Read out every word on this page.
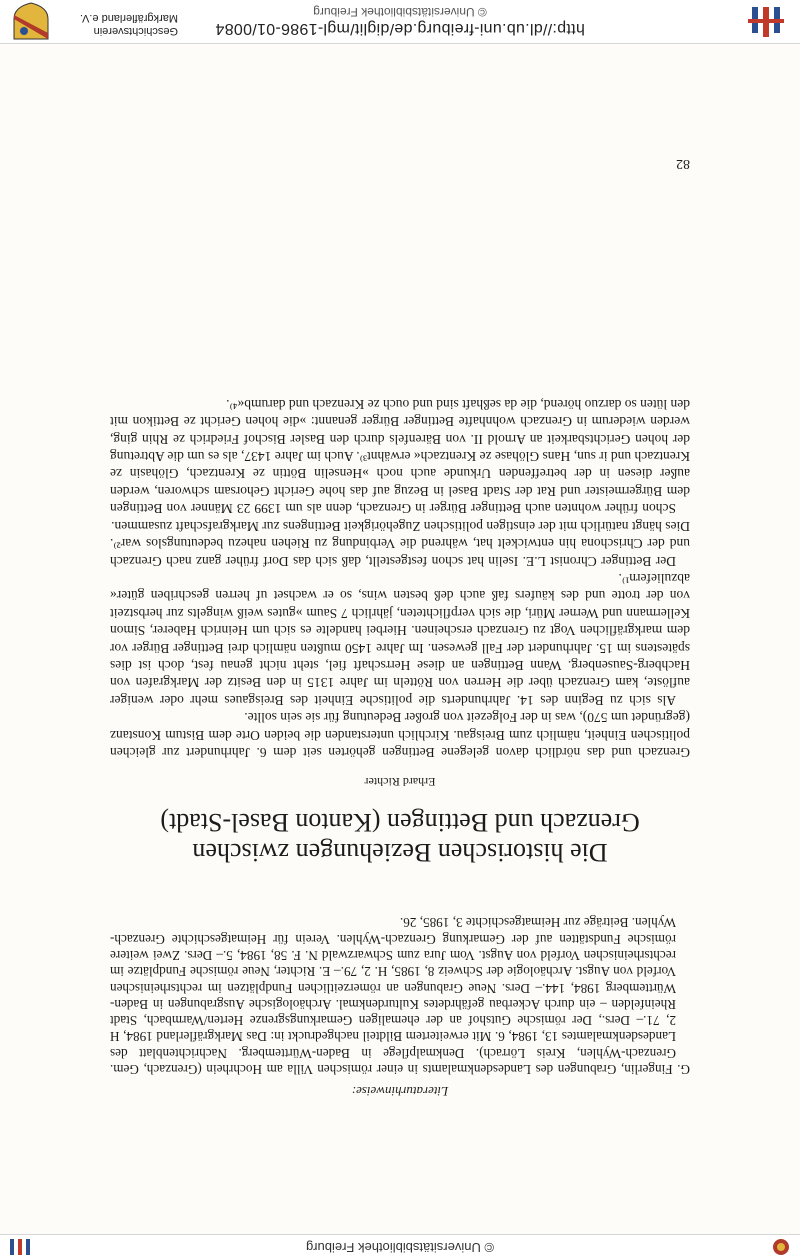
© Universitätsbibliothek Freiburg
Literaturhinweise:
G. Fingerlin, Grabungen des Landesdenkmalamts in einer römischen Villa am Hochrhein (Grenzach, Gem. Grenzach-Wyhlen, Kreis Lörrach). Denkmalpflege in Baden-Württemberg. Nachrichtenblatt des Landesdenkmalamtes 13, 1984, 6. Mit erweitertem Bildteil nachgedruckt in: Das Markgräflerland 1984, H 2, 71.– Ders., Der römische Gutshof an der ehemaligen Gemarkungsgrenze Herten/Warmbach, Stadt Rheinfelden – ein durch Ackerbau gefährdetes Kulturdenkmal. Archäologische Ausgrabungen in Baden-Württemberg 1984, 144.– Ders. Neue Grabungen an römerzeitlichen Fundplätzen im rechtsrheinischen Vorfeld von Augst. Archäologie der Schweiz 8, 1985, H. 2, 79.– E. Richter, Neue römische Fundplätze im rechtsrheinischen Vorfeld von Augst. Vom Jura zum Schwarzwald N. F. 58, 1984, 5.– Ders. Zwei weitere römische Fundstätten auf der Gemarkung Grenzach-Wyhlen. Verein für Heimatgeschichte Grenzach-Wyhlen. Beiträge zur Heimatgeschichte 3, 1985, 26.
Die historischen Beziehungen zwischen
Grenzach und Bettingen (Kanton Basel-Stadt)
Erhard Richter

Grenzach und das nördlich davon gelegene Bettingen gehörten seit dem 6. Jahrhundert zur gleichen politischen Einheit, nämlich zum Breisgau. Kirchlich unterstanden die beiden Orte dem Bistum Konstanz (gegründet um 570), was in der Folgezeit von großer Bedeutung für sie sein sollte.

Als sich zu Beginn des 14. Jahrhunderts die politische Einheit des Breisgaues mehr oder weniger auflöste, kam Grenzach über die Herren von Rötteln im Jahre 1315 in den Besitz der Markgrafen von Hachberg-Sausenberg. Wann Bettingen an diese Herrschaft fiel, steht nicht genau fest, doch ist dies spätestens im 15. Jahrhundert der Fall gewesen. Im Jahre 1450 mußten nämlich drei Bettinger Bürger vor dem markgräflichen Vogt zu Grenzach erscheinen. Hierbei handelte es sich um Heinrich Haberer, Simon Kellermann und Werner Müri, die sich verpflichteten, jährlich 7 Saum »gutes weiß wingelts zur herbstzeit von der trotte und des käufers faß auch deß besten wins, so er wachset uf herren geschriben güter« abzuliefern¹⁾.

Der Bettinger Chronist L.E. Iselin hat schon festgestellt, daß sich das Dorf früher ganz nach Grenzach und der Chrischona hin entwickelt hat, während die Verbindung zu Riehen nahezu bedeutungslos war²⁾. Dies hängt natürlich mit der einstigen politischen Zugehörigkeit Bettingens zur Markgrafschaft zusammen.

Schon früher wohnten auch Bettinger Bürger in Grenzach, denn als um 1399 23 Männer von Bettingen dem Bürgermeister und Rat der Stadt Basel in Bezug auf das hohe Gericht Gehorsam schworen, werden außer diesen in der betreffenden Urkunde auch noch »Henselin Böttin ze Krentzach, Glöhasin ze Krentzach und ir sun, Hans Glöhase ze Krentzach« erwähnt³⁾. Auch im Jahre 1437, als es um die Abtretung der hohen Gerichtsbarkeit an Arnold II. von Bärenfels durch den Basler Bischof Friedrich ze Rhin ging, werden wiederum in Grenzach wohnhafte Bettinger Bürger genannt: »die hohen Gericht ze Bettikon mit den lüten so darzuo hörend, die da seßhaft sind und ouch ze Krenzach und darumb«⁴⁾.

82
http://dl.ub.uni-freiburg.de/diglit/mgl-1986-01/0084
© Universitätsbibliothek Freiburg
Geschichtsverein Markgräflerland e.V.
